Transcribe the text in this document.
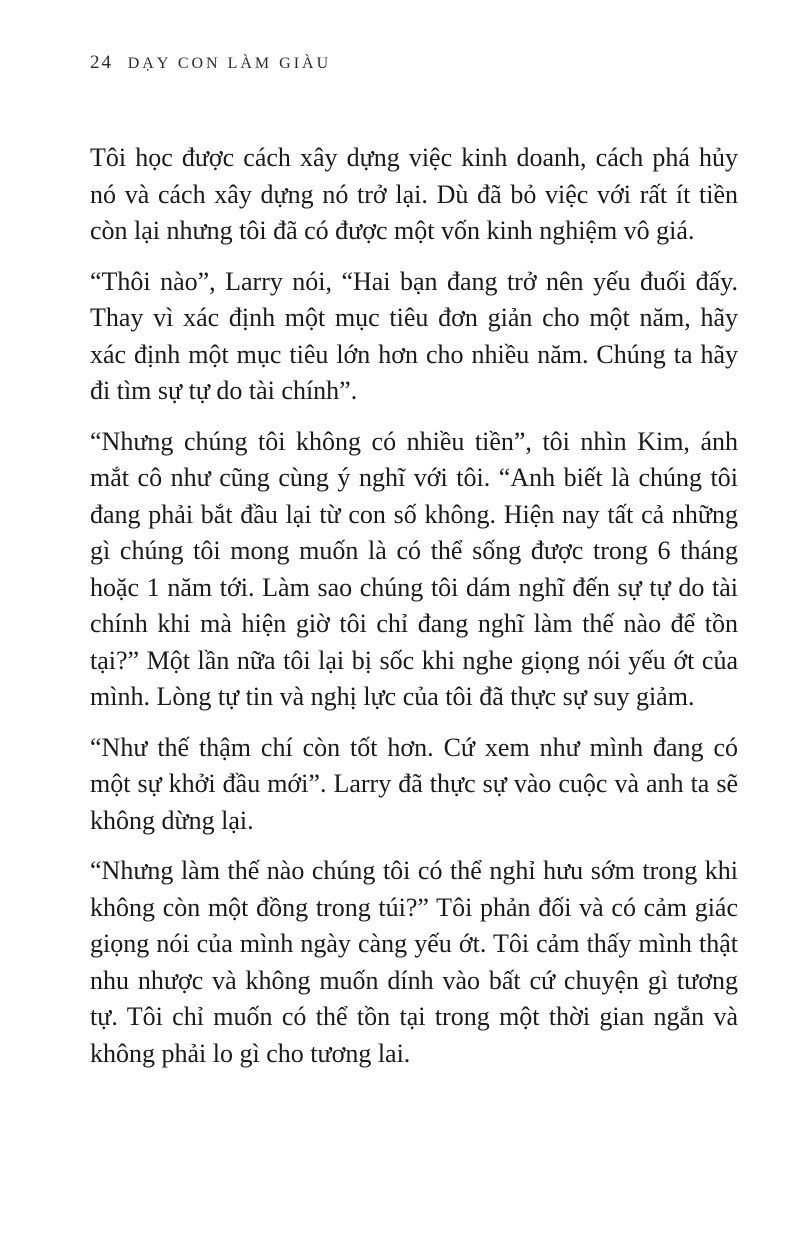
24 DẠY CON LÀM GIÀU

Tôi học được cách xây dựng việc kinh doanh, cách phá hủy nó và cách xây dựng nó trở lại. Dù đã bỏ việc với rất ít tiền còn lại nhưng tôi đã có được một vốn kinh nghiệm vô giá.

“Thôi nào”, Larry nói, “Hai bạn đang trở nên yếu đuối đấy. Thay vì xác định một mục tiêu đơn giản cho một năm, hãy xác định một mục tiêu lớn hơn cho nhiều năm. Chúng ta hãy đi tìm sự tự do tài chính”.

“Nhưng chúng tôi không có nhiều tiền”, tôi nhìn Kim, ánh mắt cô như cũng cùng ý nghĩ với tôi. “Anh biết là chúng tôi đang phải bắt đầu lại từ con số không. Hiện nay tất cả những gì chúng tôi mong muốn là có thể sống được trong 6 tháng hoặc 1 năm tới. Làm sao chúng tôi dám nghĩ đến sự tự do tài chính khi mà hiện giờ tôi chỉ đang nghĩ làm thế nào để tồn tại?” Một lần nữa tôi lại bị sốc khi nghe giọng nói yếu ớt của mình. Lòng tự tin và nghị lực của tôi đã thực sự suy giảm.

“Như thế thậm chí còn tốt hơn. Cứ xem như mình đang có một sự khởi đầu mới”. Larry đã thực sự vào cuộc và anh ta sẽ không dừng lại.

“Nhưng làm thế nào chúng tôi có thể nghỉ hưu sớm trong khi không còn một đồng trong túi?” Tôi phản đối và có cảm giác giọng nói của mình ngày càng yếu ớt. Tôi cảm thấy mình thật nhu nhược và không muốn dính vào bất cứ chuyện gì tương tự. Tôi chỉ muốn có thể tồn tại trong một thời gian ngắn và không phải lo gì cho tương lai.
